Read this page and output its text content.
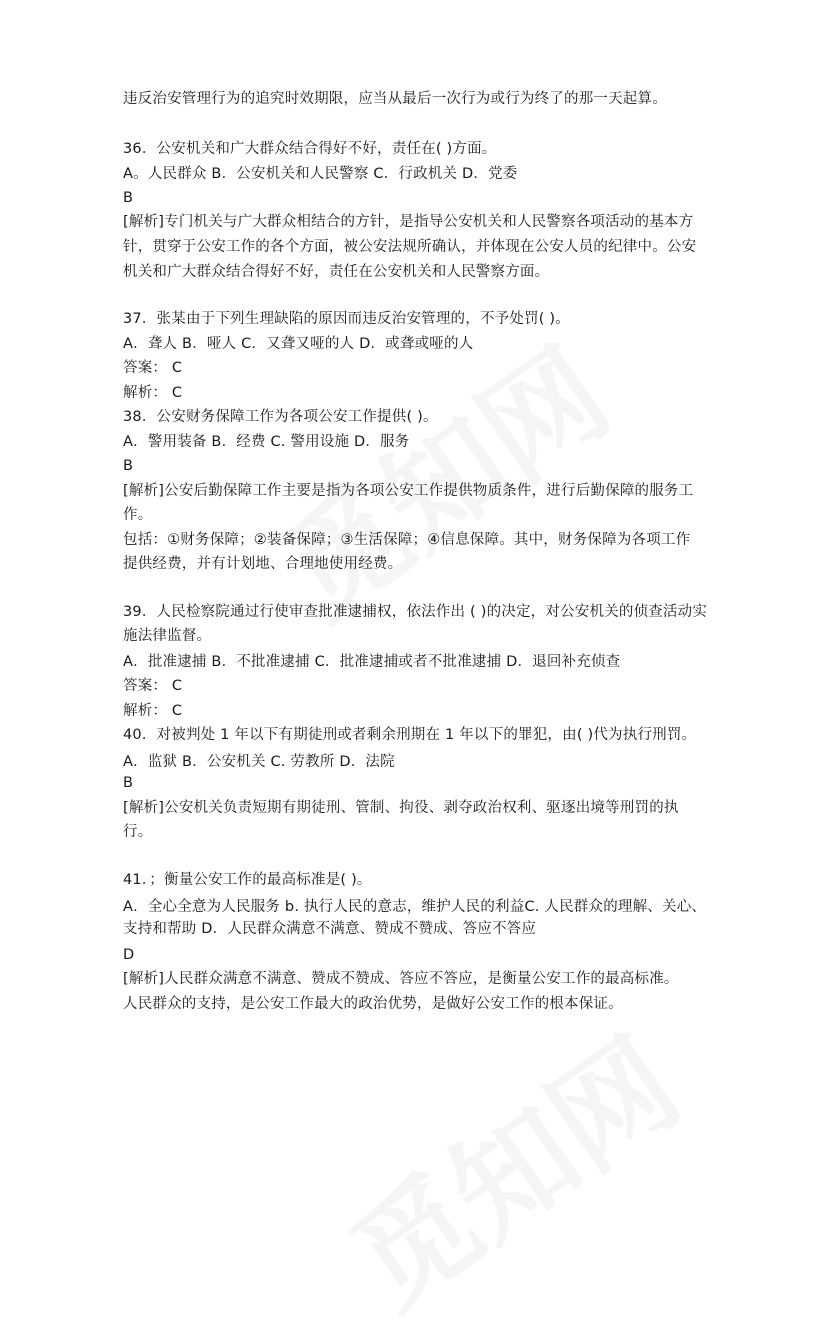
违反治安管理行为的追究时效期限，应当从最后一次行为或行为终了的那一天起算。
36．公安机关和广大群众结合得好不好，责任在( )方面。
A。人民群众 B．公安机关和人民警察 C．行政机关 D．党委
B
[解析]专门机关与广大群众相结合的方针，是指导公安机关和人民警察各项活动的基本方
针，贯穿于公安工作的各个方面，被公安法规所确认，并体现在公安人员的纪律中。公安
机关和广大群众结合得好不好，责任在公安机关和人民警察方面。
37．张某由于下列生理缺陷的原因而违反治安管理的，不予处罚( )。
A．聋人 B．哑人 C．又聋又哑的人 D．或聋或哑的人
答案： C
解析： C
38．公安财务保障工作为各项公安工作提供( )。
A．警用装备 B．经费 C. 警用设施 D．服务
B
[解析]公安后勤保障工作主要是指为各项公安工作提供物质条件，进行后勤保障的服务工
作。
包括：①财务保障；②装备保障；③生活保障；④信息保障。其中，财务保障为各项工作
提供经费，并有计划地、合理地使用经费。
39．人民检察院通过行使审查批准逮捕权，依法作出 ( )的决定，对公安机关的侦查活动实
施法律监督。
A．批准逮捕 B．不批准逮捕 C．批准逮捕或者不批准逮捕 D．退回补充侦查
答案： C
解析： C
40．对被判处 1 年以下有期徒刑或者剩余刑期在 1 年以下的罪犯，由( )代为执行刑罚。
A．监狱 B．公安机关 C. 劳教所 D．法院
B
[解析]公安机关负责短期有期徒刑、管制、拘役、剥夺政治权利、驱逐出境等刑罚的执
行。
41．；衡量公安工作的最高标准是( )。
A．全心全意为人民服务 b. 执行人民的意志，维护人民的利益C. 人民群众的理解、关心、
支持和帮助 D．人民群众满意不满意、赞成不赞成、答应不答应
D
[解析]人民群众满意不满意、赞成不赞成、答应不答应，是衡量公安工作的最高标准。
人民群众的支持，是公安工作最大的政治优势，是做好公安工作的根本保证。
